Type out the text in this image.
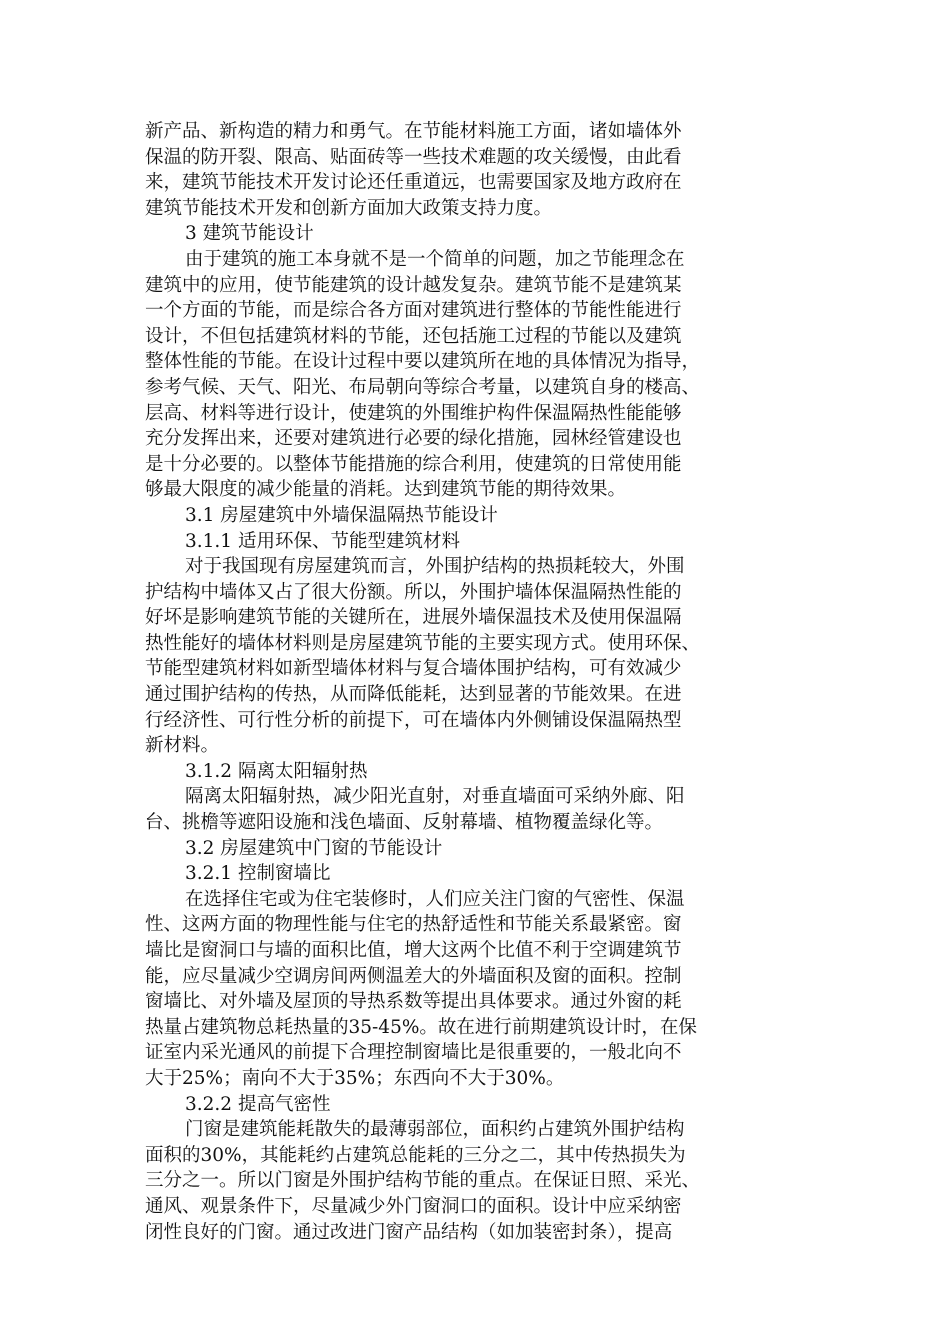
新产品、新构造的精力和勇气。在节能材料施工方面，诸如墙体外
保温的防开裂、限高、贴面砖等一些技术难题的攻关缓慢，由此看
来，建筑节能技术开发讨论还任重道远，也需要国家及地方政府在
建筑节能技术开发和创新方面加大政策支持力度。
3 建筑节能设计
由于建筑的施工本身就不是一个简单的问题，加之节能理念在
建筑中的应用，使节能建筑的设计越发复杂。建筑节能不是建筑某
一个方面的节能，而是综合各方面对建筑进行整体的节能性能进行
设计，不但包括建筑材料的节能，还包括施工过程的节能以及建筑
整体性能的节能。在设计过程中要以建筑所在地的具体情况为指导，
参考气候、天气、阳光、布局朝向等综合考量，以建筑自身的楼高、
层高、材料等进行设计，使建筑的外围维护构件保温隔热性能能够
充分发挥出来，还要对建筑进行必要的绿化措施，园林经管建设也
是十分必要的。以整体节能措施的综合利用，使建筑的日常使用能
够最大限度的减少能量的消耗。达到建筑节能的期待效果。
3.1 房屋建筑中外墙保温隔热节能设计
3.1.1 适用环保、节能型建筑材料
对于我国现有房屋建筑而言，外围护结构的热损耗较大，外围
护结构中墙体又占了很大份额。所以，外围护墙体保温隔热性能的
好坏是影响建筑节能的关键所在，进展外墙保温技术及使用保温隔
热性能好的墙体材料则是房屋建筑节能的主要实现方式。使用环保、
节能型建筑材料如新型墙体材料与复合墙体围护结构，可有效减少
通过围护结构的传热，从而降低能耗，达到显著的节能效果。在进
行经济性、可行性分析的前提下，可在墙体内外侧铺设保温隔热型
新材料。
3.1.2 隔离太阳辐射热
隔离太阳辐射热，减少阳光直射，对垂直墙面可采纳外廊、阳
台、挑檐等遮阳设施和浅色墙面、反射幕墙、植物覆盖绿化等。
3.2 房屋建筑中门窗的节能设计
3.2.1 控制窗墙比
在选择住宅或为住宅装修时，人们应关注门窗的气密性、保温
性、这两方面的物理性能与住宅的热舒适性和节能关系最紧密。窗
墙比是窗洞口与墙的面积比值，增大这两个比值不利于空调建筑节
能，应尽量减少空调房间两侧温差大的外墙面积及窗的面积。控制
窗墙比、对外墙及屋顶的导热系数等提出具体要求。通过外窗的耗
热量占建筑物总耗热量的35-45%。故在进行前期建筑设计时，在保
证室内采光通风的前提下合理控制窗墙比是很重要的，一般北向不
大于25%；南向不大于35%；东西向不大于30%。
3.2.2 提高气密性
门窗是建筑能耗散失的最薄弱部位，面积约占建筑外围护结构
面积的30%，其能耗约占建筑总能耗的三分之二，其中传热损失为
三分之一。所以门窗是外围护结构节能的重点。在保证日照、采光、
通风、观景条件下，尽量减少外门窗洞口的面积。设计中应采纳密
闭性良好的门窗。通过改进门窗产品结构（如加装密封条），提高
